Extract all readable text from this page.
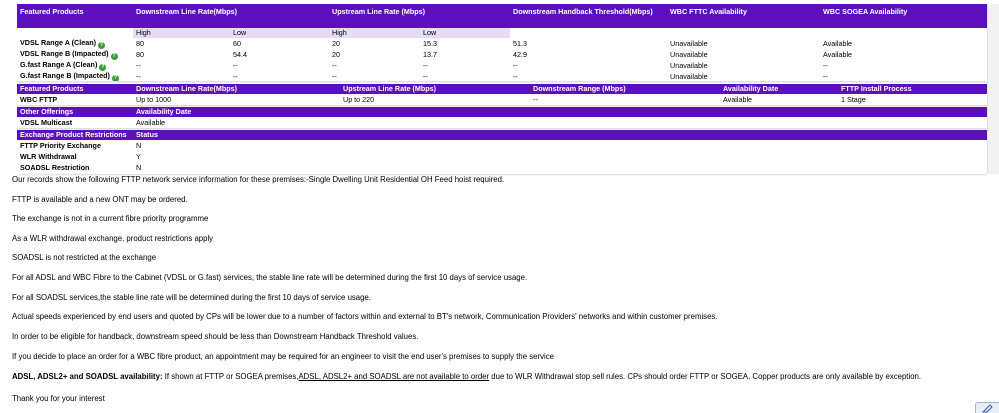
Featured Products	Downstream Line Rate(Mbps)		Upstream Line Rate (Mbps)		Downstream Handback Threshold(Mbps)	WBC FTTC Availability	WBC SOGEA Availability
	High	Low	High	Low			
VDSL Range A (Clean) ?	80	60	20	15.3	51.3	Unavailable	Available
VDSL Range B (Impacted) ?	80	54.4	20	13.7	42.9	Unavailable	Available
G.fast Range A (Clean) ?	--	--	--	--	--	Unavailable	--
G.fast Range B (Impacted) ?	--	--	--	--	--	Unavailable	--
Featured Products	Downstream Line Rate(Mbps)	Upstream Line Rate (Mbps)	Downstream Range (Mbps)	Availability Date	FTTP Install Process
WBC FTTP	Up to 1000	Up to 220	--	Available	1 Stage
Other Offerings	Availability Date
VDSL Multicast	Available
Exchange Product Restrictions	Status
FTTP Priority Exchange	N
WLR Withdrawal	Y
SOADSL Restriction	N
Our records show the following FTTP network service information for these premises:-Single Dwelling Unit Residential OH Feed hoist required.
FTTP is available and a new ONT may be ordered.
The exchange is not in a current fibre priority programme
As a WLR withdrawal exchange, product restrictions apply
SOADSL is not restricted at the exchange
For all ADSL and WBC Fibre to the Cabinet (VDSL or G.fast) services, the stable line rate will be determined during the first 10 days of service usage.
For all SOADSL services,the stable line rate will be determined during the first 10 days of service usage.
Actual speeds experienced by end users and quoted by CPs will be lower due to a number of factors within and external to BT's network, Communication Providers' networks and within customer premises.
In order to be eligible for handback, downstream speed should be less than Downstream Handback Threshold values.
If you decide to place an order for a WBC fibre product, an appointment may be required for an engineer to visit the end user's premises to supply the service
ADSL, ADSL2+ and SOADSL availability: If shown at FTTP or SOGEA premises,ADSL, ADSL2+ and SOADSL are not available to order due to WLR Withdrawal stop sell rules. CPs should order FTTP or SOGEA. Copper products are only available by exception.
Thank you for your interest
